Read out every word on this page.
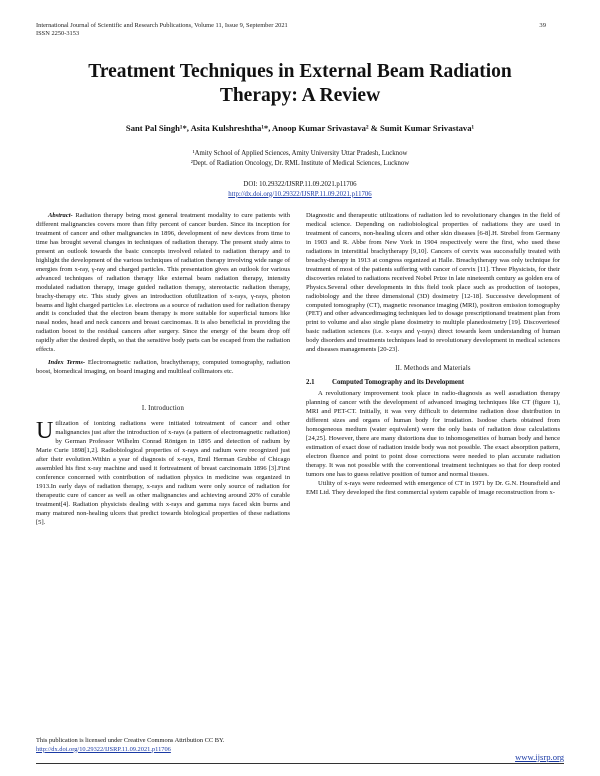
International Journal of Scientific and Research Publications, Volume 11, Issue 9, September 2021
ISSN 2250-3153
39
Treatment Techniques in External Beam Radiation
Therapy: A Review
Sant Pal Singh¹*, Asita Kulshreshtha¹*, Anoop Kumar Srivastava² & Sumit Kumar Srivastava¹
¹Amity School of Applied Sciences, Amity University Uttar Pradesh, Lucknow
²Dept. of Radiation Oncology, Dr. RML Institute of Medical Sciences, Lucknow
DOI: 10.29322/IJSRP.11.09.2021.p11706
http://dx.doi.org/10.29322/IJSRP.11.09.2021.p11706

Abstract- Radiation therapy being most general treatment modality to cure patients with different malignancies covers more than fifty percent of cancer burden. Since its inception for treatment of cancer and other malignancies in 1896, development of new devices from time to time has brought several changes in techniques of radiation therapy. The present study aims to present an outlook towards the basic concepts involved related to radiation therapy and to highlight the development of the various techniques of radiation therapy involving wide range of energies from x-ray, γ-ray and charged particles. This presentation gives an outlook for various advanced techniques of radiation therapy like external beam radiation therapy, intensity modulated radiation therapy, image guided radiation therapy, stereotactic radiation therapy, brachy-therapy etc. This study gives an introduction ofutilization of x-rays, γ-rays, photon beams and light charged particles i.e. electrons as a source of radiation used for radiation therapy andit is concluded that the electron beam therapy is more suitable for superficial tumors like nasal nodes, head and neck cancers and breast carcinomas. It is also beneficial in providing the radiation boost to the residual cancers after surgery. Since the energy of the beam drop off rapidly after the desired depth, so that the sensitive body parts can be escaped from the radiation effects.

Index Terms- Electromagnetic radiation, brachytherapy, computed tomography, radiation boost, biomedical imaging, on board imaging and multileaf collimators etc.

I. Introduction

Utilization of ionizing radiations were initiated totreatment of cancer and other malignancies just after the introduction of x-rays (a pattern of electromagnetic radiation) by German Professor Wilhelm Conrad Röntgen in 1895 and detection of radium by Marie Curie 1898[1,2]. Radiobiological properties of x-rays and radium were recognized just after their evolution.Within a year of diagnosis of x-rays, Emil Herman Grubbe of Chicago assembled his first x-ray machine and used it fortreatment of breast carcinomain 1896 [3].First conference concerned with contribution of radiation physics in medicine was organized in 1913.In early days of radiation therapy, x-rays and radium were only source of radiation for therapeutic cure of cancer as well as other malignancies and achieving around 20% of curable treatment[4]. Radiation physicists dealing with x-rays and gamma rays faced skin burns and many matured non-healing ulcers that predict towards biological properties of these radiations [5].

Diagnostic and therapeutic utilizations of radiation led to revolutionary changes in the field of medical science. Depending on radiobiological properties of radiations they are used in treatment of cancers, non-healing ulcers and other skin diseases [6-8].H. Strebel from Germany in 1903 and R. Abbe from New York in 1904 respectively were the first, who used these radiations in interstitial brachytherapy [9,10]. Cancers of cervix was successfully treated with breachy-therapy in 1913 at congress organized at Halle. Breachytherapy was only technique for treatment of most of the patients suffering with cancer of cervix [11]. Three Physicists, for their discoveries related to radiations received Nobel Prize in late nineteenth century as golden era of Physics.Several other developments in this field took place such as production of isotopes, radiobiology and the three dimensional (3D) dosimetry [12-18]. Successive development of computed tomography (CT), magnetic resonance imaging (MRI), positron emission tomography (PET) and other advancedimaging techniques led to dosage prescriptionand treatment plan from print to volume and also single plane dosimetry to multiple planedosimetry [19]. Discoveriesof basic radiation sciences (i.e. x-rays and γ-rays) direct towards keen understanding of human body disorders and treatments techniques lead to revolutionary development in medical sciences and diseases managements [20-23].

II. Methods and Materials
2.1	Computed Tomography and its Development

A revolutionary improvement took place in radio-diagnosis as well asradiation therapy planning of cancer with the development of advanced imaging techniques like CT (figure 1), MRI and PET-CT. Initially, it was very difficult to determine radiation dose distribution in different sizes and organs of human body for irradiation. Isodose charts obtained from homogeneous medium (water equivalent) were the only basis of radiation dose calculations [24,25]. However, there are many distortions due to inhomogeneities of human body and hence estimation of exact dose of radiation inside body was not possible. The exact absorption pattern, electron fluence and point to point dose corrections were needed to plan accurate radiation therapy. It was not possible with the conventional treatment techniques so that for deep rooted tumors one has to guess relative position of tumor and normal tissues.

Utility of x-rays were redeemed with emergence of CT in 1971 by Dr. G.N. Hounsfield and EMI Ltd. They developed the first commercial system capable of image reconstruction from x-

This publication is licensed under Creative Commons Attribution CC BY.
http://dx.doi.org/10.29322/IJSRP.11.09.2021.p11706
www.ijsrp.org
